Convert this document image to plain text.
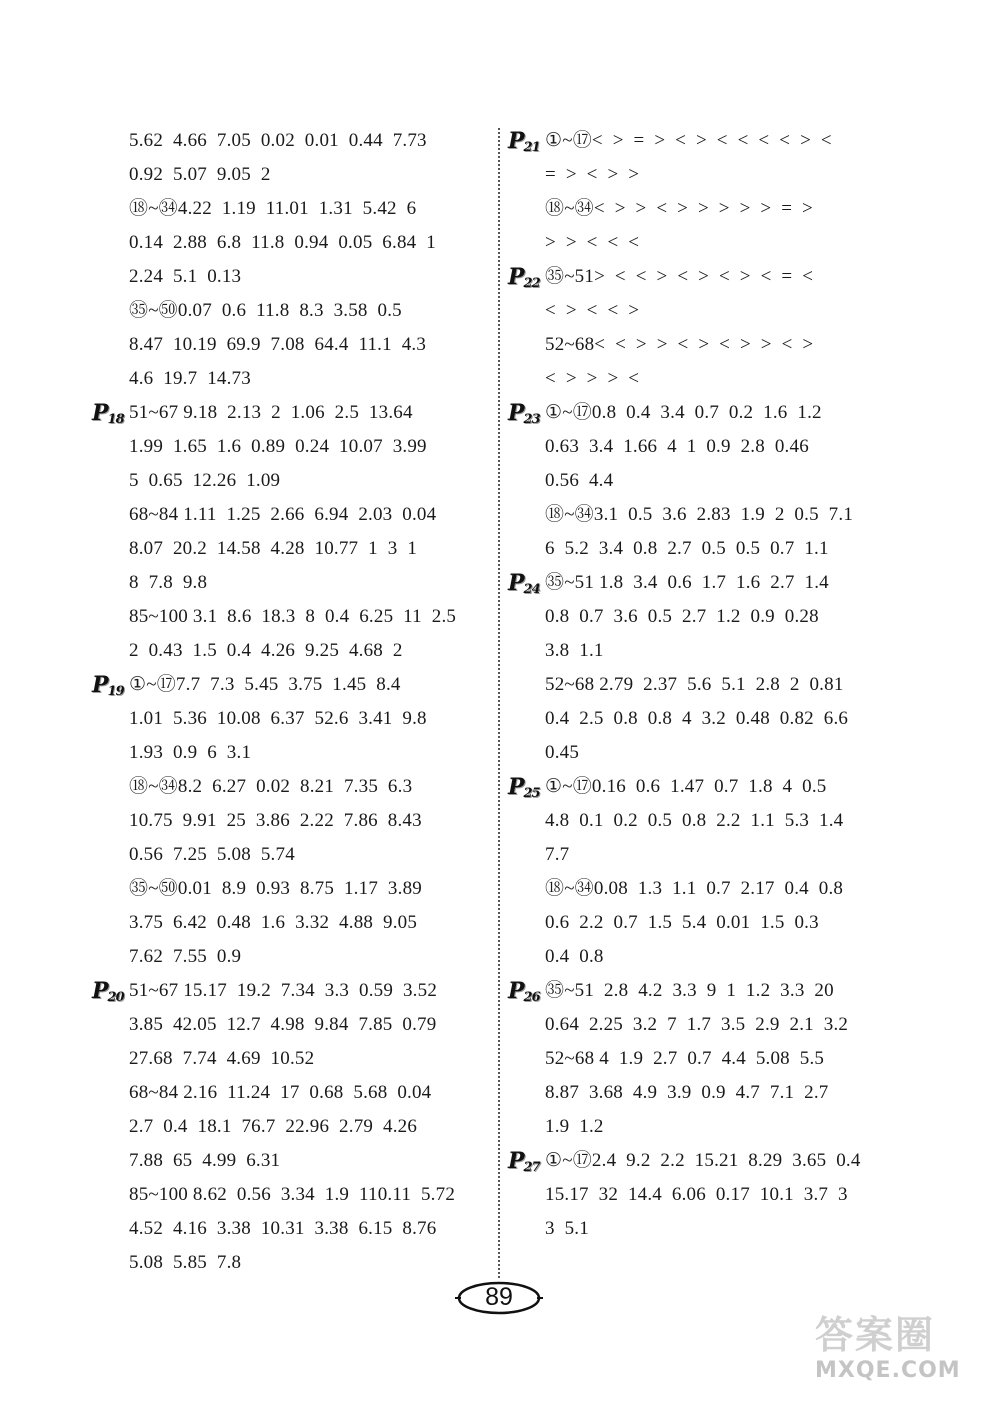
5.62  4.66  7.05  0.02  0.01  0.44  7.73
0.92  5.07  9.05  2
⑱~㉞4.22  1.19  11.01  1.31  5.42  6
0.14  2.88  6.8  11.8  0.94  0.05  6.84  1
2.24  5.1  0.13
㉟~㊿0.07  0.6  11.8  8.3  3.58  0.5
8.47  10.19  69.9  7.08  64.4  11.1  4.3
4.6  19.7  14.73
$P_{18}$ 51~67 9.18  2.13  2  1.06  2.5  13.64
1.99  1.65  1.6  0.89  0.24  10.07  3.99
5  0.65  12.26  1.09
68~84 1.11  1.25  2.66  6.94  2.03  0.04
8.07  20.2  14.58  4.28  10.77  1  3  1
8  7.8  9.8
85~100 3.1  8.6  18.3  8  0.4  6.25  11  2.5
2  0.43  1.5  0.4  4.26  9.25  4.68  2
$P_{19}$ ①~⑰7.7  7.3  5.45  3.75  1.45  8.4
1.01  5.36  10.08  6.37  52.6  3.41  9.8
1.93  0.9  6  3.1
⑱~㉞8.2  6.27  0.02  8.21  7.35  6.3
10.75  9.91  25  3.86  2.22  7.86  8.43
0.56  7.25  5.08  5.74
㉟~㊿0.01  8.9  0.93  8.75  1.17  3.89
3.75  6.42  0.48  1.6  3.32  4.88  9.05
7.62  7.55  0.9
$P_{20}$ 51~67 15.17  19.2  7.34  3.3  0.59  3.52
3.85  42.05  12.7  4.98  9.84  7.85  0.79
27.68  7.74  4.69  10.52
68~84 2.16  11.24  17  0.68  5.68  0.04
2.7  0.4  18.1  76.7  22.96  2.79  4.26
7.88  65  4.99  6.31
85~100 8.62  0.56  3.34  1.9  110.11  5.72
4.52  4.16  3.38  10.31  3.38  6.15  8.76
5.08  5.85  7.8
$P_{21}$ ①~⑰<  >  =  >  <  >  <  <  <  <  >  <
=  >  <  >  >
⑱~㉞<  >  >  <  >  >  >  >  >  =  >
>  >  <  <  <
$P_{22}$ ㉟~51>  <  <  >  <  >  <  >  <  =  <
<  >  <  <  >
52~68<  <  >  >  <  >  <  >  >  <  >
<  >  >  >  <
$P_{23}$ ①~⑰0.8  0.4  3.4  0.7  0.2  1.6  1.2
0.63  3.4  1.66  4  1  0.9  2.8  0.46
0.56  4.4
⑱~㉞3.1  0.5  3.6  2.83  1.9  2  0.5  7.1
6  5.2  3.4  0.8  2.7  0.5  0.5  0.7  1.1
$P_{24}$ ㉟~51 1.8  3.4  0.6  1.7  1.6  2.7  1.4
0.8  0.7  3.6  0.5  2.7  1.2  0.9  0.28
3.8  1.1
52~68 2.79  2.37  5.6  5.1  2.8  2  0.81
0.4  2.5  0.8  0.8  4  3.2  0.48  0.82  6.6
0.45
$P_{25}$ ①~⑰0.16  0.6  1.47  0.7  1.8  4  0.5
4.8  0.1  0.2  0.5  0.8  2.2  1.1  5.3  1.4
7.7
⑱~㉞0.08  1.3  1.1  0.7  2.17  0.4  0.8
0.6  2.2  0.7  1.5  5.4  0.01  1.5  0.3
0.4  0.8
$P_{26}$ ㉟~51  2.8  4.2  3.3  9  1  1.2  3.3  20
0.64  2.25  3.2  7  1.7  3.5  2.9  2.1  3.2
52~68 4  1.9  2.7  0.7  4.4  5.08  5.5
8.87  3.68  4.9  3.9  0.9  4.7  7.1  2.7
1.9  1.2
$P_{27}$ ①~⑰2.4  9.2  2.2  15.21  8.29  3.65  0.4
15.17  32  14.4  6.06  0.17  10.1  3.7  3
3  5.1
89
答案圈
MXQE.COM
